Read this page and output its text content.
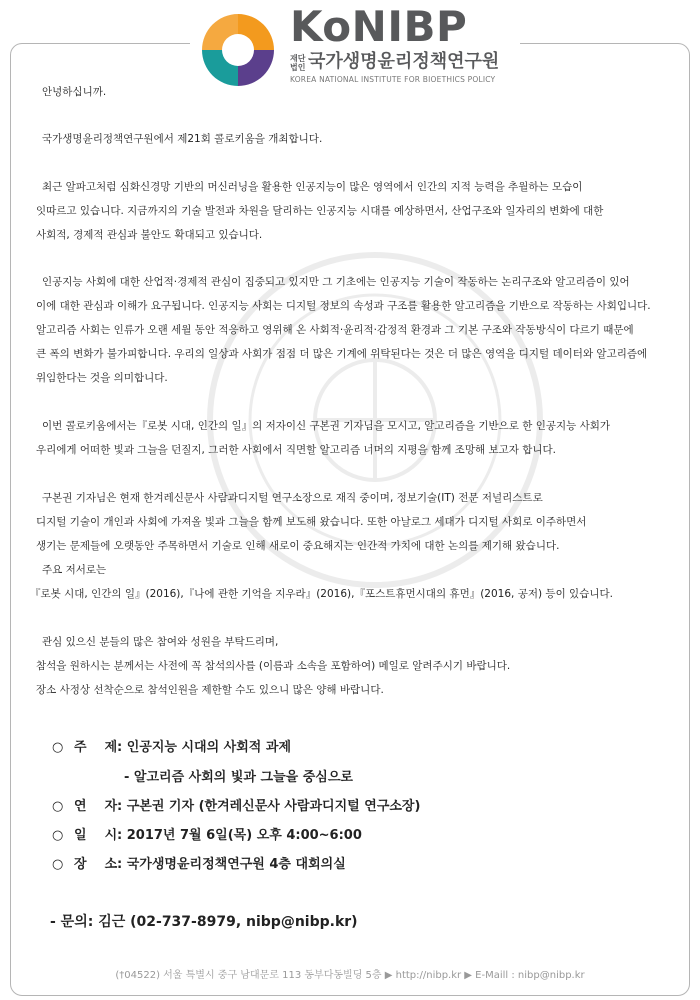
KoNIBP
재단
법인 국가생명윤리정책연구원
KOREA NATIONAL INSTITUTE FOR BIOETHICS POLICY
안녕하십니까.
국가생명윤리정책연구원에서 제21회 콜로키움을 개최합니다.
최근 알파고처럼 심화신경망 기반의 머신러닝을 활용한 인공지능이 많은 영역에서 인간의 지적 능력을 추월하는 모습이
잇따르고 있습니다. 지금까지의 기술 발전과 차원을 달리하는 인공지능 시대를 예상하면서, 산업구조와 일자리의 변화에 대한
사회적, 경제적 관심과 불안도 확대되고 있습니다.
인공지능 사회에 대한 산업적·경제적 관심이 집중되고 있지만 그 기초에는 인공지능 기술이 작동하는 논리구조와 알고리즘이 있어
이에 대한 관심과 이해가 요구됩니다. 인공지능 사회는 디지털 정보의 속성과 구조를 활용한 알고리즘을 기반으로 작동하는 사회입니다.
알고리즘 사회는 인류가 오랜 세월 동안 적응하고 영위해 온 사회적·윤리적·감정적 환경과 그 기본 구조와 작동방식이 다르기 때문에
큰 폭의 변화가 불가피합니다. 우리의 일상과 사회가 점점 더 많은 기계에 위탁된다는 것은 더 많은 영역을 디지털 데이터와 알고리즘에
위임한다는 것을 의미합니다.
이번 콜로키움에서는『로봇 시대, 인간의 일』의 저자이신 구본권 기자님을 모시고, 알고리즘을 기반으로 한 인공지능 사회가
우리에게 어떠한 빛과 그늘을 던질지, 그러한 사회에서 직면할 알고리즘 너머의 지평을 함께 조망해 보고자 합니다.
구본권 기자님은 현재 한겨레신문사 사람과디지털 연구소장으로 재직 중이며, 정보기술(IT) 전문 저널리스트로
디지털 기술이 개인과 사회에 가져올 빛과 그늘을 함께 보도해 왔습니다. 또한 아날로그 세대가 디지털 사회로 이주하면서
생기는 문제들에 오랫동안 주목하면서 기술로 인해 새로이 중요해지는 인간적 가치에 대한 논의를 제기해 왔습니다.
주요 저서로는
『로봇 시대, 인간의 일』(2016),『나에 관한 기억을 지우라』(2016),『포스트휴먼시대의 휴먼』(2016, 공저) 등이 있습니다.
관심 있으신 분들의 많은 참여와 성원을 부탁드리며,
참석을 원하시는 분께서는 사전에 꼭 참석의사를 (이름과 소속을 포함하여) 메일로 알려주시기 바랍니다.
장소 사정상 선착순으로 참석인원을 제한할 수도 있으니 많은 양해 바랍니다.
○ 주    제 : 인공지능 시대의 사회적 과제
- 알고리즘 사회의 빛과 그늘을 중심으로
○ 연    자 : 구본권 기자 (한겨레신문사 사람과디지털 연구소장)
○ 일    시 : 2017년 7월 6일(목) 오후 4:00~6:00
○ 장    소 : 국가생명윤리정책연구원 4층 대회의실
- 문의: 김근 (02-737-8979, nibp@nibp.kr)
(†04522) 서울 특별시 중구 남대문로 113 동부다동빌딩 5층 ▶ http://nibp.kr ▶ E-Maill : nibp@nibp.kr
